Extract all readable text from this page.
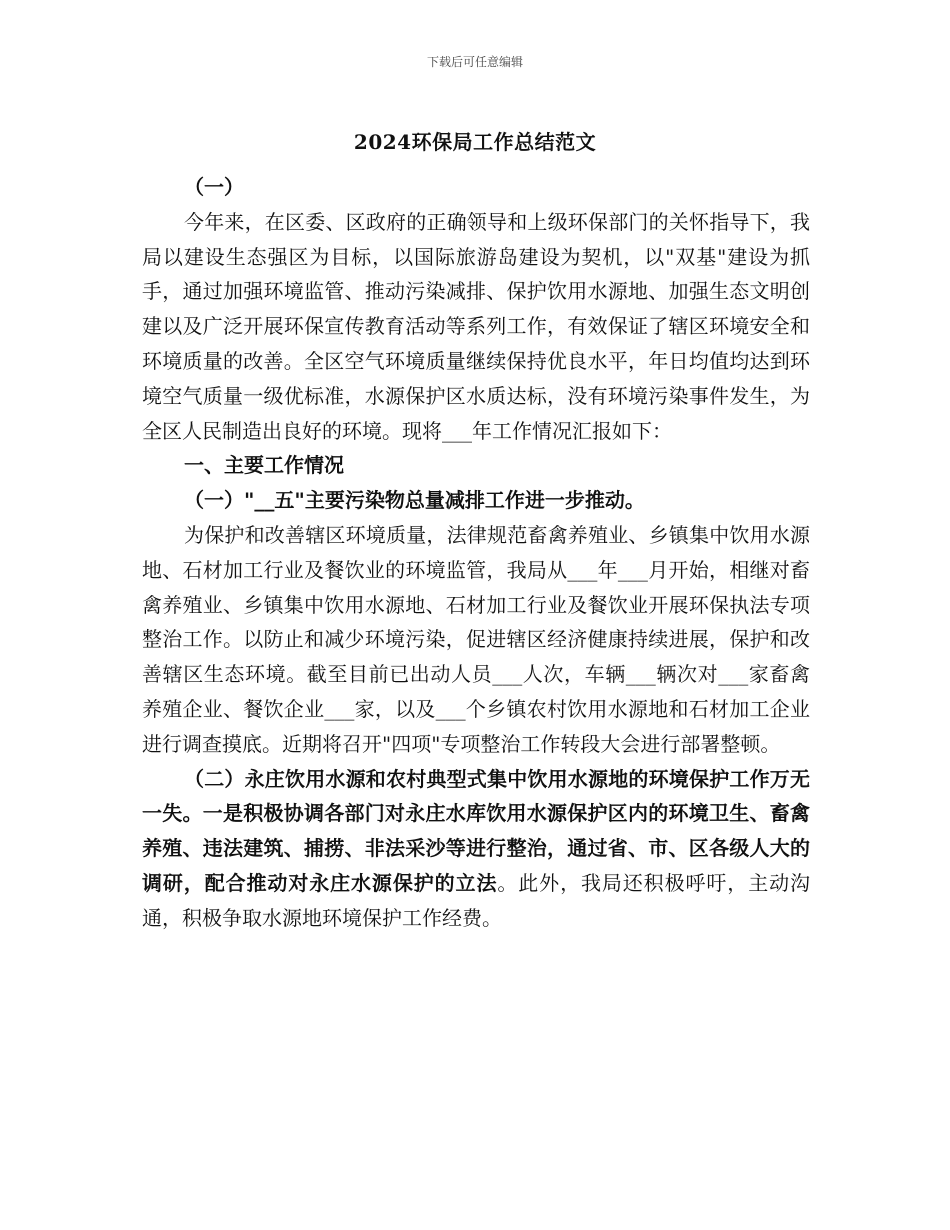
下载后可任意编辑
2024环保局工作总结范文

（一）

今年来，在区委、区政府的正确领导和上级环保部门的关怀指导下，我局以建设生态强区为目标，以国际旅游岛建设为契机，以"双基"建设为抓手，通过加强环境监管、推动污染减排、保护饮用水源地、加强生态文明创建以及广泛开展环保宣传教育活动等系列工作，有效保证了辖区环境安全和环境质量的改善。全区空气环境质量继续保持优良水平，年日均值均达到环境空气质量一级优标准，水源保护区水质达标，没有环境污染事件发生，为全区人民制造出良好的环境。现将___年工作情况汇报如下：

一、主要工作情况

（一）"__五"主要污染物总量减排工作进一步推动。

为保护和改善辖区环境质量，法律规范畜禽养殖业、乡镇集中饮用水源地、石材加工行业及餐饮业的环境监管，我局从___年___月开始，相继对畜禽养殖业、乡镇集中饮用水源地、石材加工行业及餐饮业开展环保执法专项整治工作。以防止和减少环境污染，促进辖区经济健康持续进展，保护和改善辖区生态环境。截至目前已出动人员___人次，车辆___辆次对___家畜禽养殖企业、餐饮企业___家，以及___个乡镇农村饮用水源地和石材加工企业进行调查摸底。近期将召开"四项"专项整治工作转段大会进行部署整顿。

（二）永庄饮用水源和农村典型式集中饮用水源地的环境保护工作万无一失。一是积极协调各部门对永庄水库饮用水源保护区内的环境卫生、畜禽养殖、违法建筑、捕捞、非法采沙等进行整治，通过省、市、区各级人大的调研，配合推动对永庄水源保护的立法。此外，我局还积极呼吁，主动沟通，积极争取水源地环境保护工作经费。
